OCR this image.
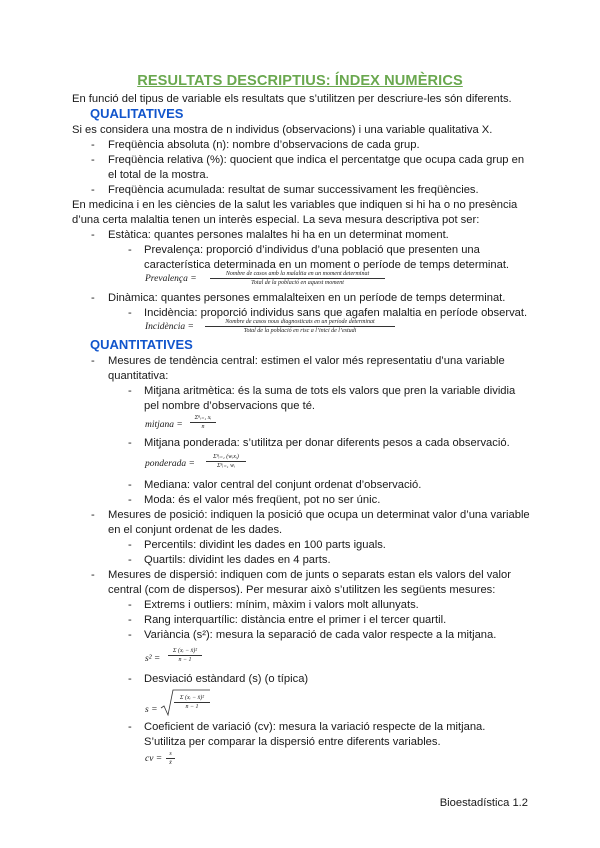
RESULTATS DESCRIPTIUS: ÍNDEX NUMÈRICS
En funció del tipus de variable els resultats que s’utilitzen per descriure-les són diferents.
QUALITATIVES
Si es considera una mostra de n individus (observacions) i una variable qualitativa X.
- Freqüència absoluta (n): nombre d’observacions de cada grup.
- Freqüència relativa (%): quocient que indica el percentatge que ocupa cada grup en
el total de la mostra.
- Freqüència acumulada: resultat de sumar successivament les freqüències.
En medicina i en les ciències de la salut les variables que indiquen si hi ha o no presència
d’una certa malaltia tenen un interès especial. La seva mesura descriptiva pot ser:
- Estàtica: quantes persones malaltes hi ha en un determinat moment.
- Prevalença: proporció d’individus d’una població que presenten una
característica determinada en un moment o període de temps determinat.
Prevalença =	Nombre de casos amb la malaltia en un moment determinat
Total de la població en aquest moment
- Dinàmica: quantes persones emmalalteixen en un període de temps determinat.
- Incidència: proporció individus sans que agafen malaltia en període observat.
Incidència =	Nombre de casos nous diagnosticats en un període determinat
Total de la població en risc a l’inici de l’estudi
QUANTITATIVES
- Mesures de tendència central: estimen el valor més representatiu d’una variable
quantitativa:
- Mitjana aritmètica: és la suma de tots els valors que pren la variable dividia
pel nombre d’observacions que té.
mitjana =
Σⁿᵢ₌₁ xᵢ
n
- Mitjana ponderada: s’utilitza per donar diferents pesos a cada observació.
ponderada =
Σⁿᵢ₌₁ (wᵢxᵢ)
Σⁿᵢ₌₁ wᵢ
- Mediana: valor central del conjunt ordenat d’observació.
- Moda: és el valor més freqüent, pot no ser únic.
- Mesures de posició: indiquen la posició que ocupa un determinat valor d’una variable
en el conjunt ordenat de les dades.
- Percentils: dividint les dades en 100 parts iguals.
- Quartils: dividint les dades en 4 parts.
- Mesures de dispersió: indiquen com de junts o separats estan els valors del valor
central (com de dispersos). Per mesurar això s’utilitzen les següents mesures:
- Extrems i outliers: mínim, màxim i valors molt allunyats.
- Rang interquartílic: distància entre el primer i el tercer quartil.
- Variància (s²): mesura la separació de cada valor respecte a la mitjana.
s² =
Σ (xᵢ − x̄)²
n − 1
- Desviació estàndard (s) (o típica)
s =
Σ (xᵢ − x̄)²
n − 1
- Coeficient de variació (cv): mesura la variació respecte de la mitjana.
S’utilitza per comparar la dispersió entre diferents variables.
cv =	s
x̄
Bioestadística 1.2
